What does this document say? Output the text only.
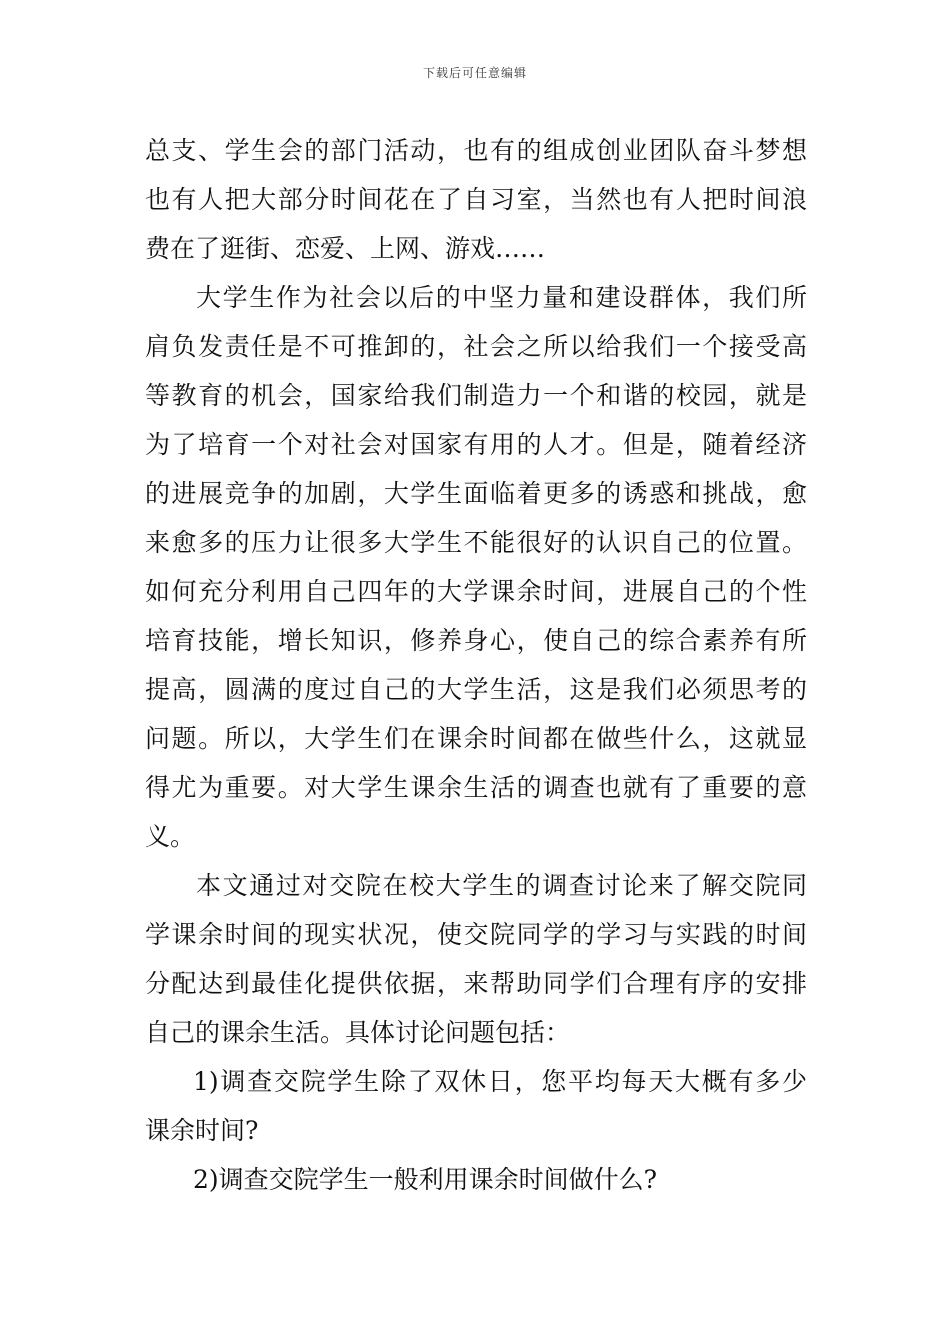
下载后可任意编辑
总支、学生会的部门活动，也有的组成创业团队奋斗梦想
也有人把大部分时间花在了自习室，当然也有人把时间浪
费在了逛街、恋爱、上网、游戏……
大学生作为社会以后的中坚力量和建设群体，我们所
肩负发责任是不可推卸的，社会之所以给我们一个接受高
等教育的机会，国家给我们制造力一个和谐的校园，就是
为了培育一个对社会对国家有用的人才。但是，随着经济
的进展竞争的加剧，大学生面临着更多的诱惑和挑战，愈
来愈多的压力让很多大学生不能很好的认识自己的位置。
如何充分利用自己四年的大学课余时间，进展自己的个性
培育技能，增长知识，修养身心，使自己的综合素养有所
提高，圆满的度过自己的大学生活，这是我们必须思考的
问题。所以，大学生们在课余时间都在做些什么，这就显
得尤为重要。对大学生课余生活的调查也就有了重要的意
义。
本文通过对交院在校大学生的调查讨论来了解交院同
学课余时间的现实状况，使交院同学的学习与实践的时间
分配达到最佳化提供依据，来帮助同学们合理有序的安排
自己的课余生活。具体讨论问题包括：
1)调查交院学生除了双休日，您平均每天大概有多少
课余时间?
2)调查交院学生一般利用课余时间做什么?
